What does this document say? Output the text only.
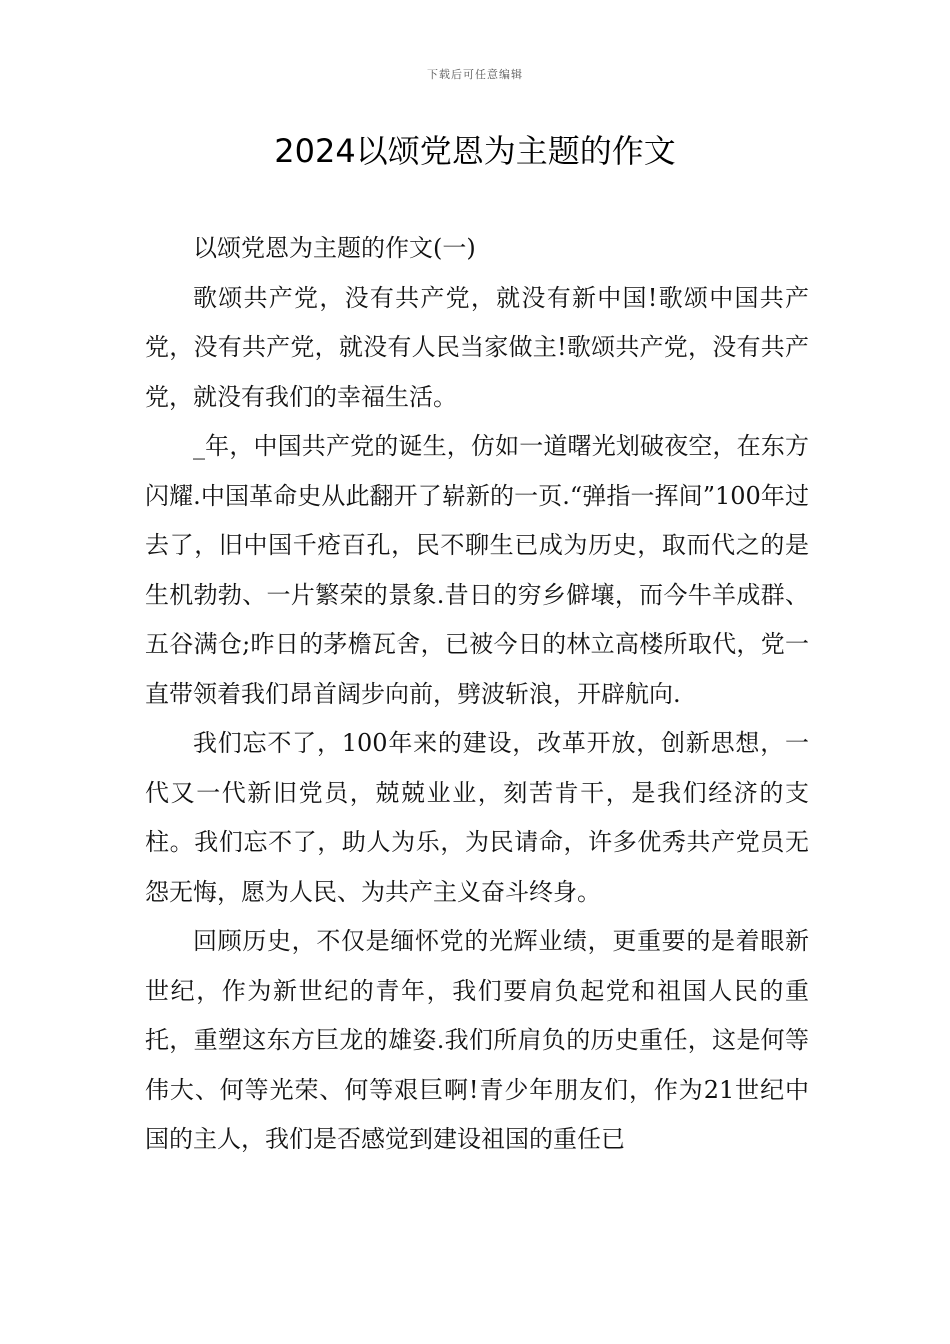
下载后可任意编辑
2024以颂党恩为主题的作文

以颂党恩为主题的作文(一)

歌颂共产党，没有共产党，就没有新中国!歌颂中国共产党，没有共产党，就没有人民当家做主!歌颂共产党，没有共产党，就没有我们的幸福生活。

_年，中国共产党的诞生，仿如一道曙光划破夜空，在东方闪耀.中国革命史从此翻开了崭新的一页.“弹指一挥间”100年过去了，旧中国千疮百孔，民不聊生已成为历史，取而代之的是生机勃勃、一片繁荣的景象.昔日的穷乡僻壤，而今牛羊成群、五谷满仓;昨日的茅檐瓦舍，已被今日的林立高楼所取代，党一直带领着我们昂首阔步向前，劈波斩浪，开辟航向.

我们忘不了，100年来的建设，改革开放，创新思想，一代又一代新旧党员，兢兢业业，刻苦肯干，是我们经济的支柱。我们忘不了，助人为乐，为民请命，许多优秀共产党员无怨无悔，愿为人民、为共产主义奋斗终身。

回顾历史，不仅是缅怀党的光辉业绩，更重要的是着眼新世纪，作为新世纪的青年，我们要肩负起党和祖国人民的重托，重塑这东方巨龙的雄姿.我们所肩负的历史重任，这是何等伟大、何等光荣、何等艰巨啊!青少年朋友们，作为21世纪中国的主人，我们是否感觉到建设祖国的重任已
